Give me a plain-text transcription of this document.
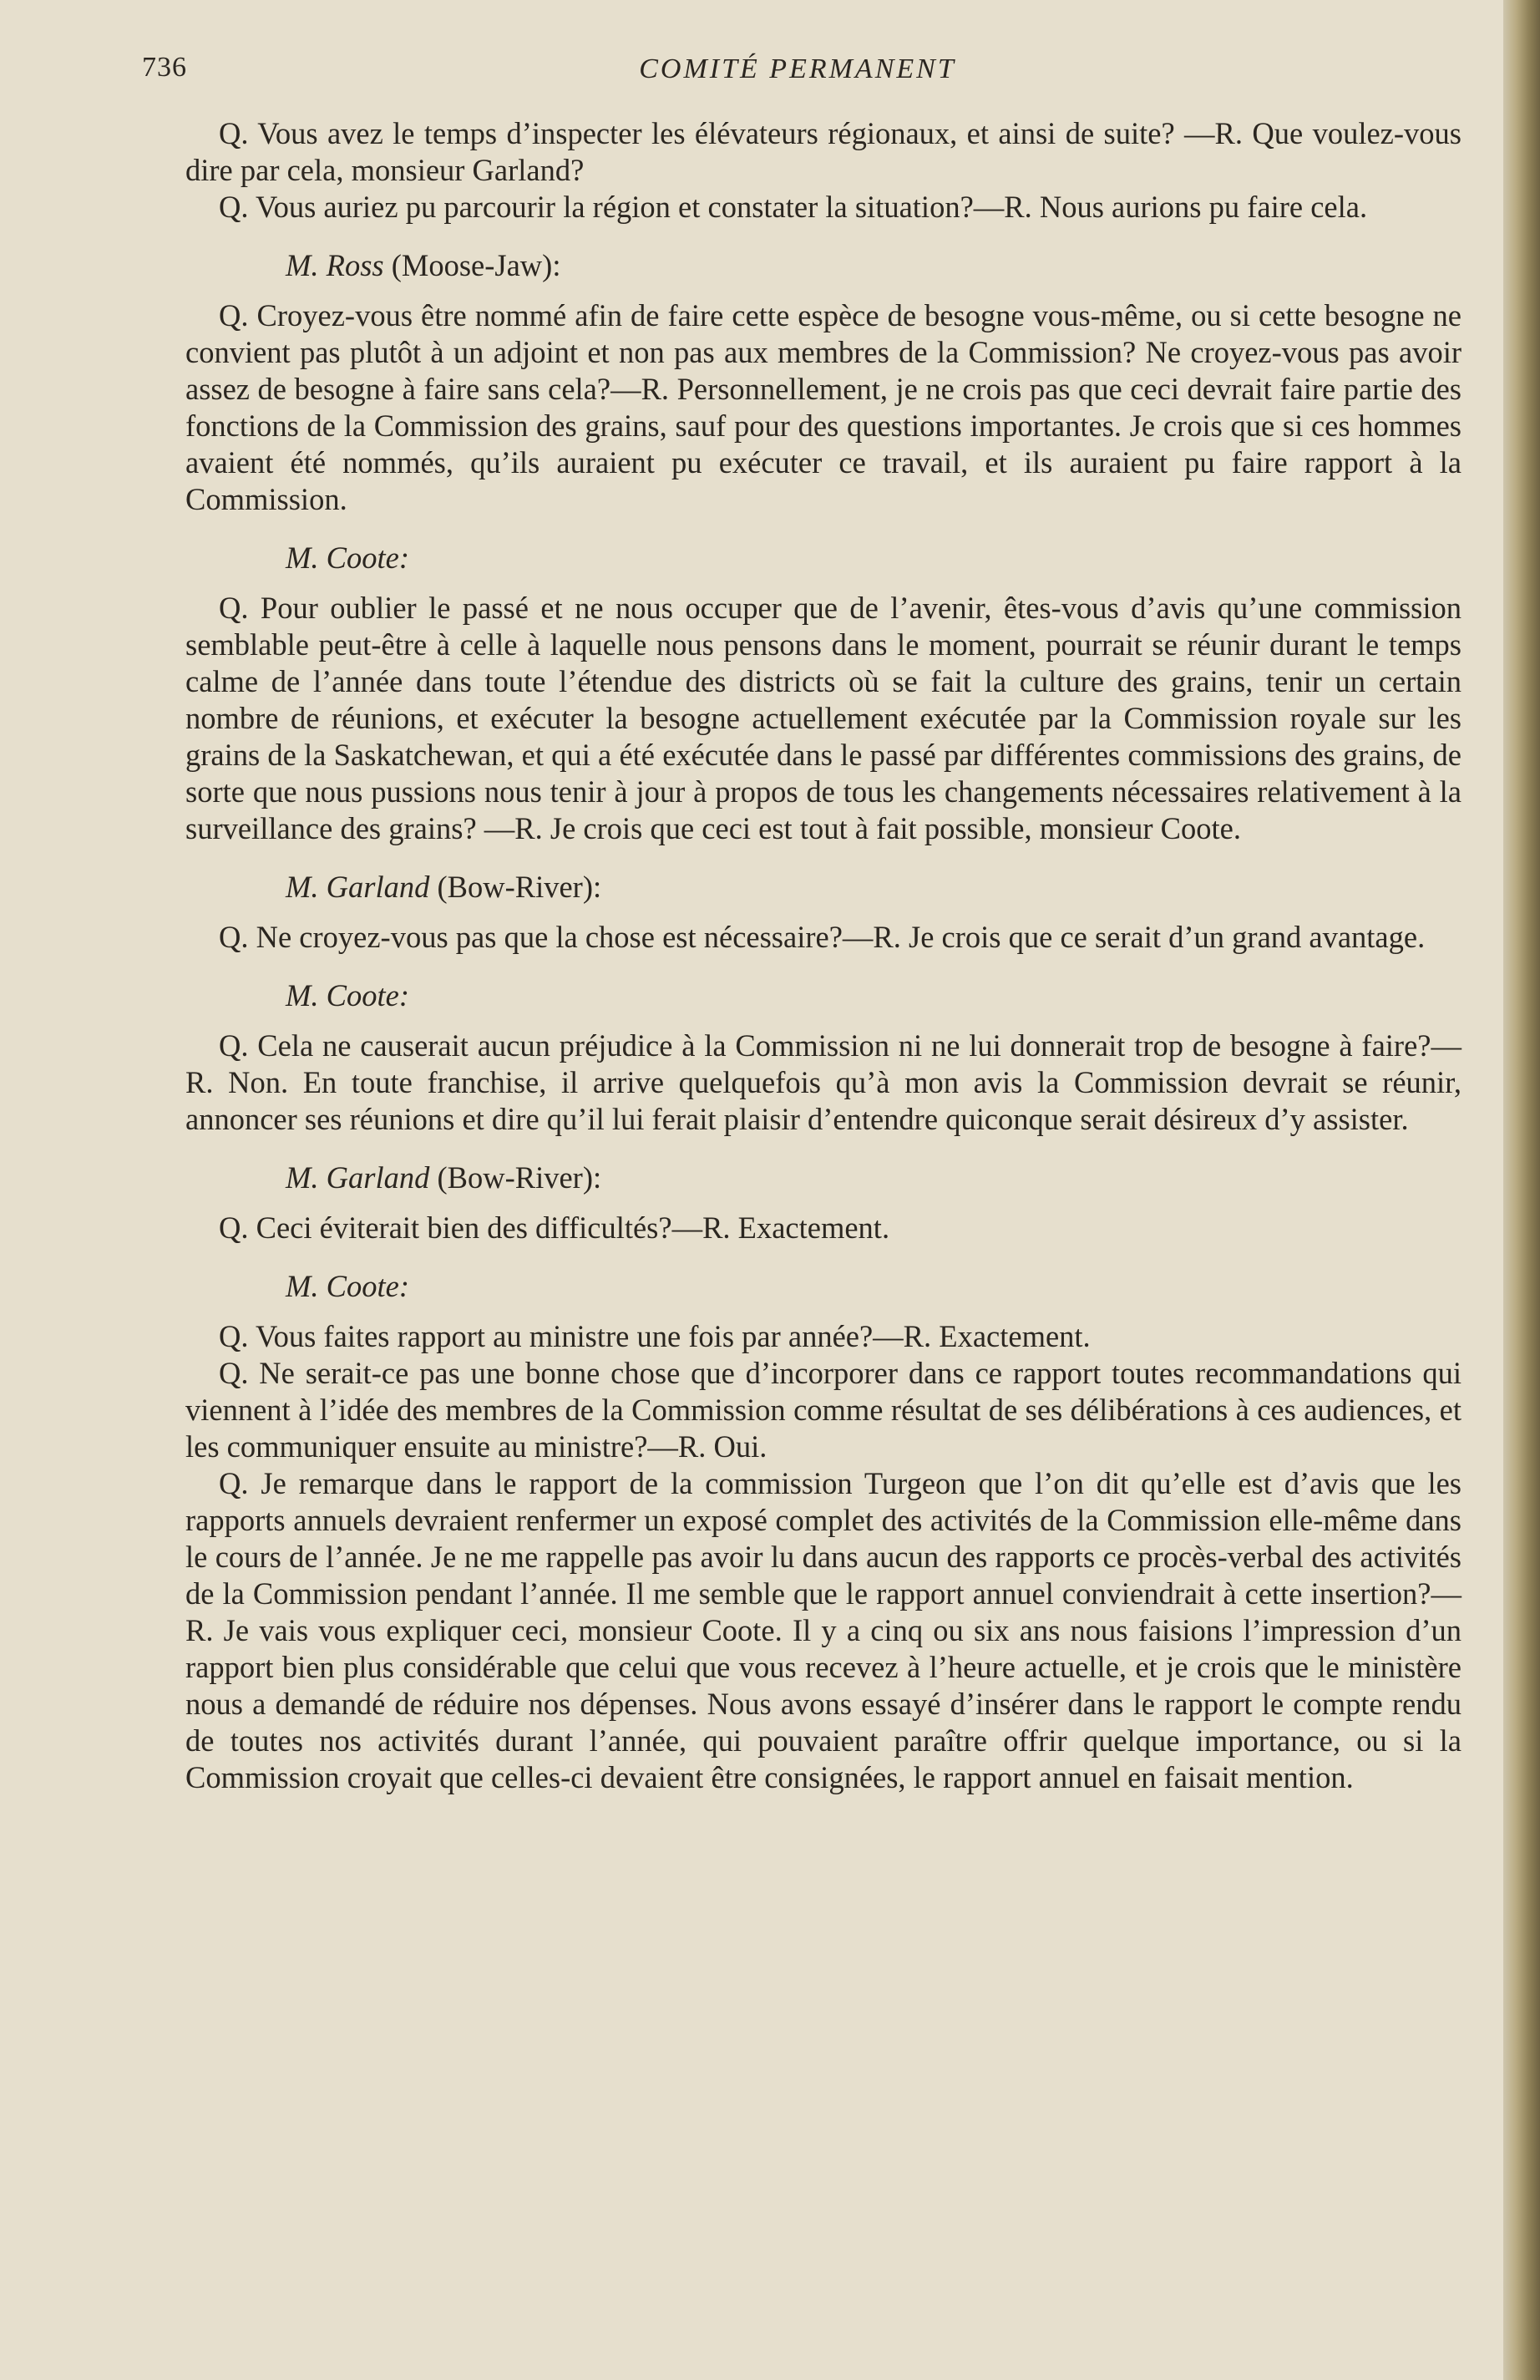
736	COMITÉ PERMANENT

Q. Vous avez le temps d’inspecter les élévateurs régionaux, et ainsi de suite? —R. Que voulez-vous dire par cela, monsieur Garland?

Q. Vous auriez pu parcourir la région et constater la situation?—R. Nous aurions pu faire cela.

M. Ross (Moose-Jaw):

Q. Croyez-vous être nommé afin de faire cette espèce de besogne vous-même, ou si cette besogne ne convient pas plutôt à un adjoint et non pas aux membres de la Commission? Ne croyez-vous pas avoir assez de besogne à faire sans cela?—R. Personnellement, je ne crois pas que ceci devrait faire partie des fonctions de la Commission des grains, sauf pour des questions importantes. Je crois que si ces hommes avaient été nommés, qu’ils auraient pu exécuter ce travail, et ils auraient pu faire rapport à la Commission.

M. Coote:

Q. Pour oublier le passé et ne nous occuper que de l’avenir, êtes-vous d’avis qu’une commission semblable peut-être à celle à laquelle nous pensons dans le moment, pourrait se réunir durant le temps calme de l’année dans toute l’étendue des districts où se fait la culture des grains, tenir un certain nombre de réunions, et exécuter la besogne actuellement exécutée par la Commission royale sur les grains de la Saskatchewan, et qui a été exécutée dans le passé par différentes commissions des grains, de sorte que nous pussions nous tenir à jour à propos de tous les changements nécessaires relativement à la surveillance des grains? —R. Je crois que ceci est tout à fait possible, monsieur Coote.

M. Garland (Bow-River):

Q. Ne croyez-vous pas que la chose est nécessaire?—R. Je crois que ce serait d’un grand avantage.

M. Coote:

Q. Cela ne causerait aucun préjudice à la Commission ni ne lui donnerait trop de besogne à faire?—R. Non. En toute franchise, il arrive quelquefois qu’à mon avis la Commission devrait se réunir, annoncer ses réunions et dire qu’il lui ferait plaisir d’entendre quiconque serait désireux d’y assister.

M. Garland (Bow-River):

Q. Ceci éviterait bien des difficultés?—R. Exactement.

M. Coote:

Q. Vous faites rapport au ministre une fois par année?—R. Exactement.

Q. Ne serait-ce pas une bonne chose que d’incorporer dans ce rapport toutes recommandations qui viennent à l’idée des membres de la Commission comme résultat de ses délibérations à ces audiences, et les communiquer ensuite au ministre?—R. Oui.

Q. Je remarque dans le rapport de la commission Turgeon que l’on dit qu’elle est d’avis que les rapports annuels devraient renfermer un exposé complet des activités de la Commission elle-même dans le cours de l’année. Je ne me rappelle pas avoir lu dans aucun des rapports ce procès-verbal des activités de la Commission pendant l’année. Il me semble que le rapport annuel conviendrait à cette insertion?—R. Je vais vous expliquer ceci, monsieur Coote. Il y a cinq ou six ans nous faisions l’impression d’un rapport bien plus considérable que celui que vous recevez à l’heure actuelle, et je crois que le ministère nous a demandé de réduire nos dépenses. Nous avons essayé d’insérer dans le rapport le compte rendu de toutes nos activités durant l’année, qui pouvaient paraître offrir quelque importance, ou si la Commission croyait que celles-ci devaient être consignées, le rapport annuel en faisait mention.
